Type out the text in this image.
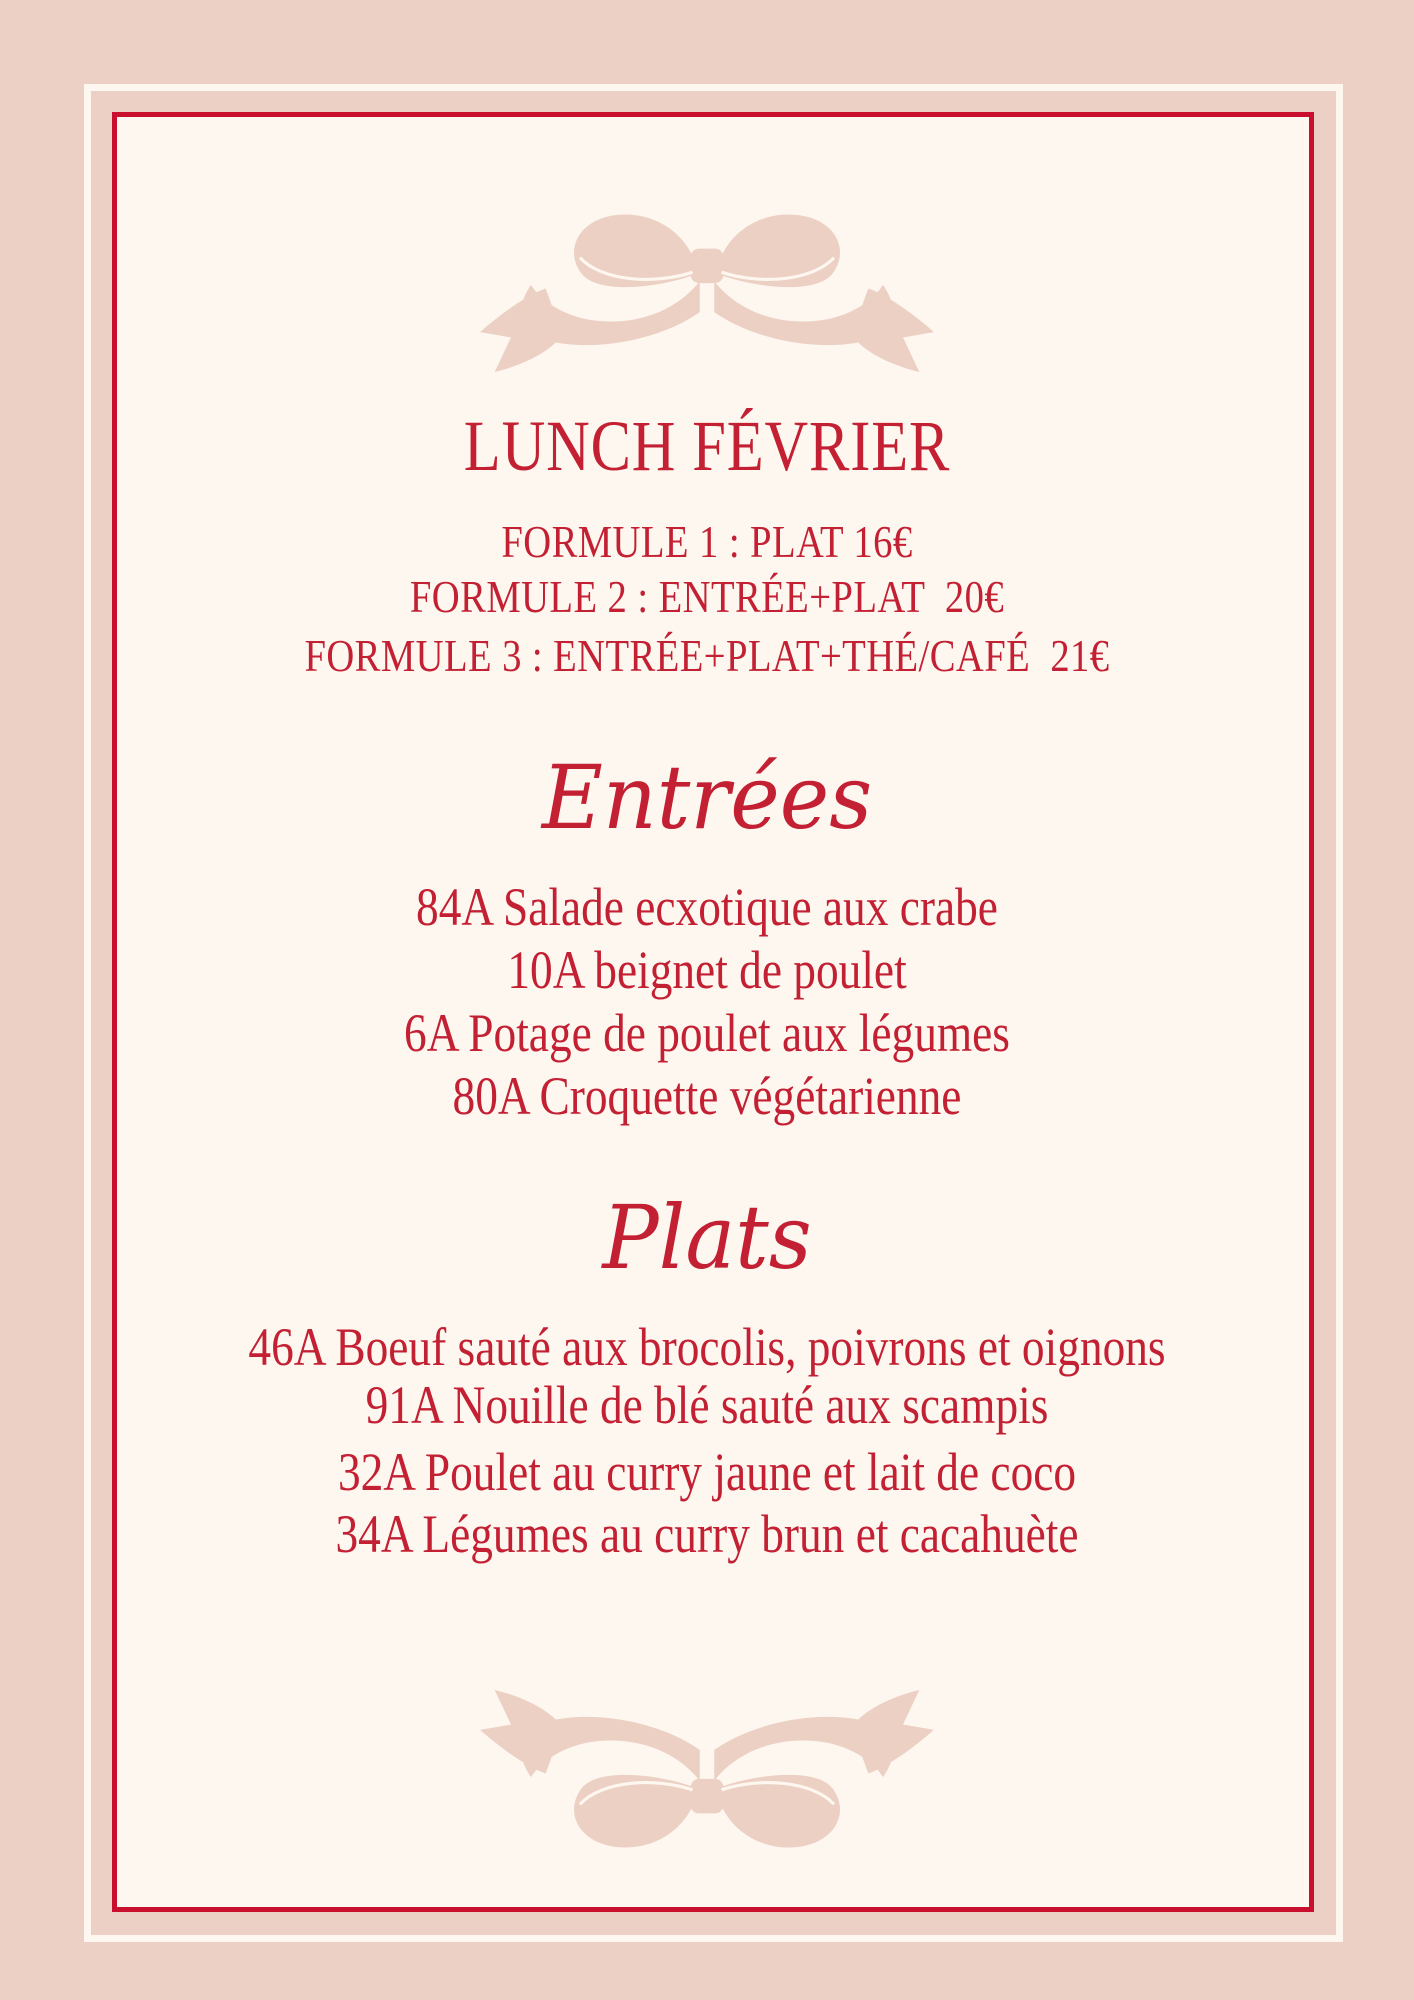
LUNCH FÉVRIER
FORMULE 1 : PLAT 16€
FORMULE 2 : ENTRÉE+PLAT  20€
FORMULE 3 : ENTRÉE+PLAT+THÉ/CAFÉ  21€
Entrées
84A Salade ecxotique aux crabe
10A beignet de poulet
6A Potage de poulet aux légumes
80A Croquette végétarienne
Plats
46A Boeuf sauté aux brocolis, poivrons et oignons
91A Nouille de blé sauté aux scampis
32A Poulet au curry jaune et lait de coco
34A Légumes au curry brun et cacahuète
